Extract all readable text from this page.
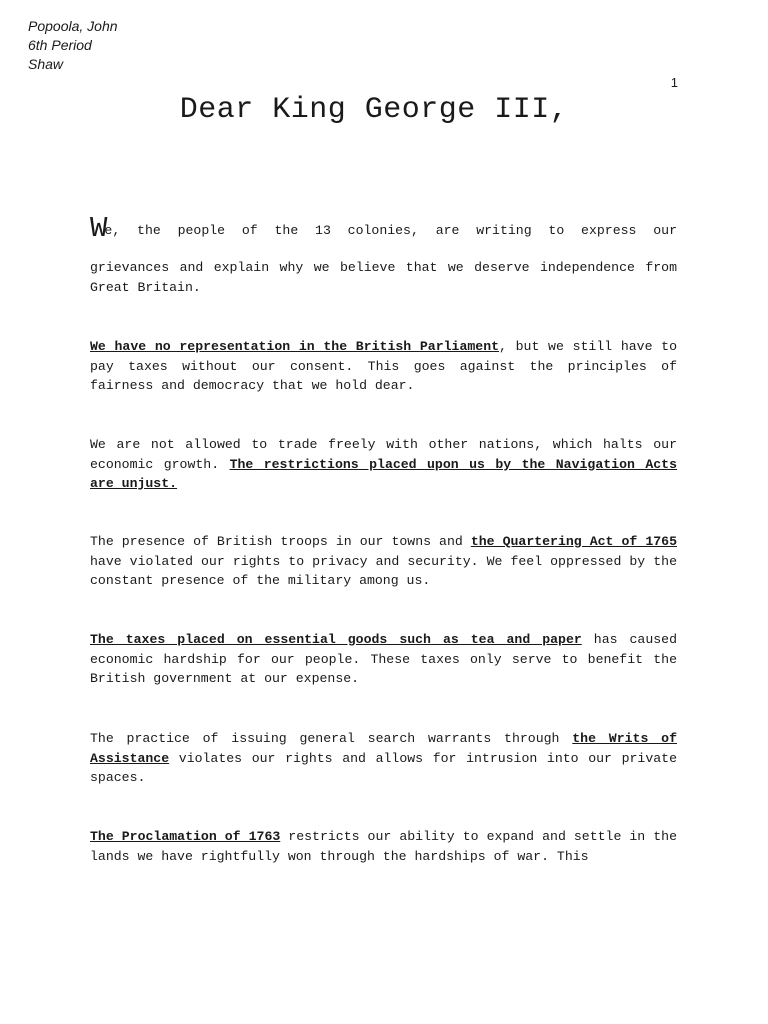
Popoola, John
6th Period
Shaw
1
Dear King George III,

We, the people of the 13 colonies, are writing to express our

grievances and explain why we believe that we deserve independence from Great Britain.

We have no representation in the British Parliament, but we still have to pay taxes without our consent. This goes against the principles of fairness and democracy that we hold dear.

We are not allowed to trade freely with other nations, which halts our economic growth. The restrictions placed upon us by the Navigation Acts are unjust.

The presence of British troops in our towns and the Quartering Act of 1765 have violated our rights to privacy and security. We feel oppressed by the constant presence of the military among us.

The taxes placed on essential goods such as tea and paper has caused economic hardship for our people. These taxes only serve to benefit the British government at our expense.

The practice of issuing general search warrants through the Writs of Assistance violates our rights and allows for intrusion into our private spaces.

The Proclamation of 1763 restricts our ability to expand and settle in the lands we have rightfully won through the hardships of war. This
